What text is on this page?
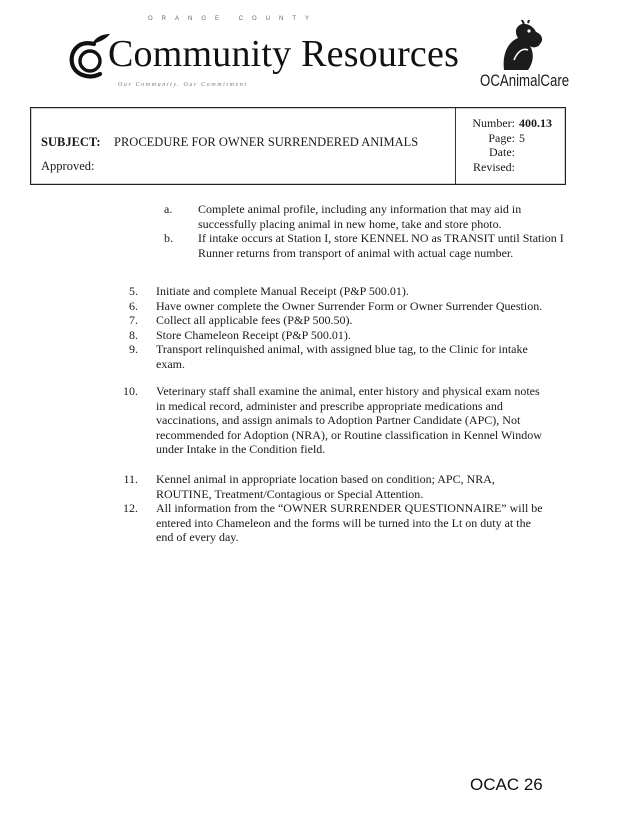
ORANGE COUNTY
Community Resources
Our Community. Our Commitment	OCAnimalCare
SUBJECT: PROCEDURE FOR OWNER SURRENDERED ANIMALS
Approved:
Number: 400.13
Page: 5
Date:
Revised:
a.	Complete animal profile, including any information that may aid in successfully placing animal in new home, take and store photo.
b.	If intake occurs at Station I, store KENNEL NO as TRANSIT until Station I Runner returns from transport of animal with actual cage number.
5. Initiate and complete Manual Receipt (P&P 500.01).
6. Have owner complete the Owner Surrender Form or Owner Surrender Question.
7. Collect all applicable fees (P&P 500.50).
8. Store Chameleon Receipt (P&P 500.01).
9. Transport relinquished animal, with assigned blue tag, to the Clinic for intake exam.
10. Veterinary staff shall examine the animal, enter history and physical exam notes in medical record, administer and prescribe appropriate medications and vaccinations, and assign animals to Adoption Partner Candidate (APC), Not recommended for Adoption (NRA), or Routine classification in Kennel Window under Intake in the Condition field.
11. Kennel animal in appropriate location based on condition; APC, NRA, ROUTINE, Treatment/Contagious or Special Attention.
12. All information from the “OWNER SURRENDER QUESTIONNAIRE” will be entered into Chameleon and the forms will be turned into the Lt on duty at the end of every day.
OCAC 26
